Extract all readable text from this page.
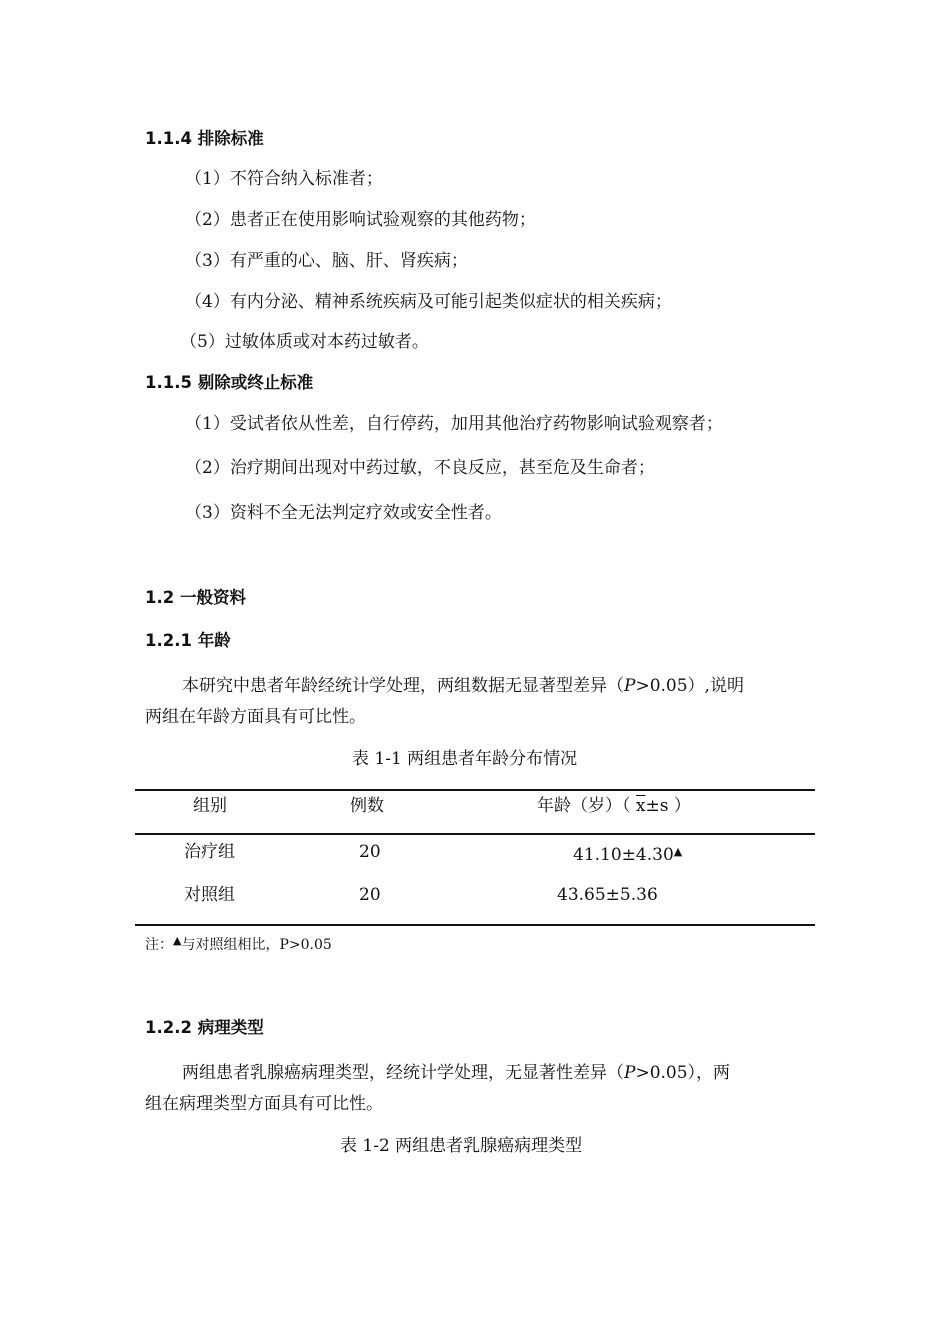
1.1.4 排除标准
（1）不符合纳入标准者；
（2）患者正在使用影响试验观察的其他药物；
（3）有严重的心、脑、肝、肾疾病；
（4）有内分泌、精神系统疾病及可能引起类似症状的相关疾病；
（5）过敏体质或对本药过敏者。
1.1.5 剔除或终止标准
（1）受试者依从性差，自行停药，加用其他治疗药物影响试验观察者；
（2）治疗期间出现对中药过敏，不良反应，甚至危及生命者；
（3）资料不全无法判定疗效或安全性者。
1.2 一般资料
1.2.1 年龄
本研究中患者年龄经统计学处理，两组数据无显著型差异（P>0.05）,说明
两组在年龄方面具有可比性。
表 1-1 两组患者年龄分布情况
组别	例数	年龄（岁）（ $\overline{x}\pm s$ ）
治疗组	20	41.10±4.30▲
对照组	20	43.65±5.36
注：▲与对照组相比，P>0.05
1.2.2 病理类型
两组患者乳腺癌病理类型，经统计学处理，无显著性差异（P>0.05），两
组在病理类型方面具有可比性。
表 1-2 两组患者乳腺癌病理类型
